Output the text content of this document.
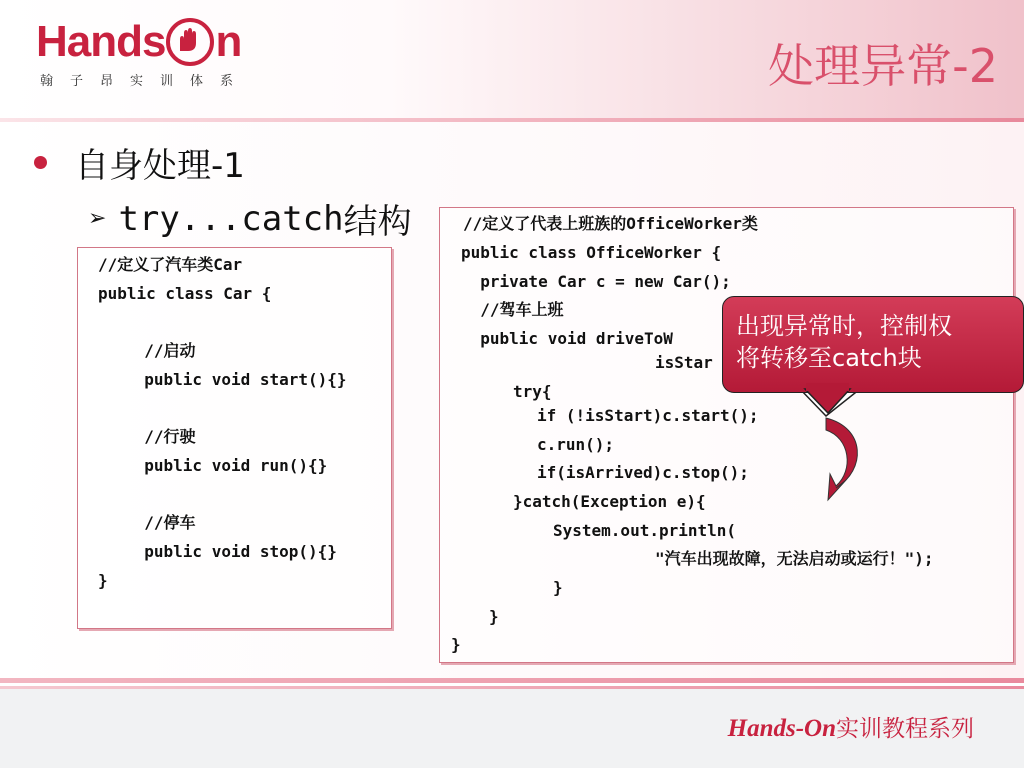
Hands n
翰子昂实训体系	处理异常-2
自身处理-1
➢ try...catch 结构
//定义了汽车类Car
public class Car {
//启动
public void start(){}
//行驶
public void run(){}
//停车
public void stop(){}
}
//定义了代表上班族的OfficeWorker类
public class OfficeWorker {
private Car c = new Car();
//驾车上班
public void driveToW
isStar
try{
if (!isStart)c.start();
c.run();
if(isArrived)c.stop();
}catch(Exception e){
System.out.println(
"汽车出现故障，无法启动或运行！");
}
}
}
出现异常时，控制权
将转移至catch块
Hands-On 实训教程系列
